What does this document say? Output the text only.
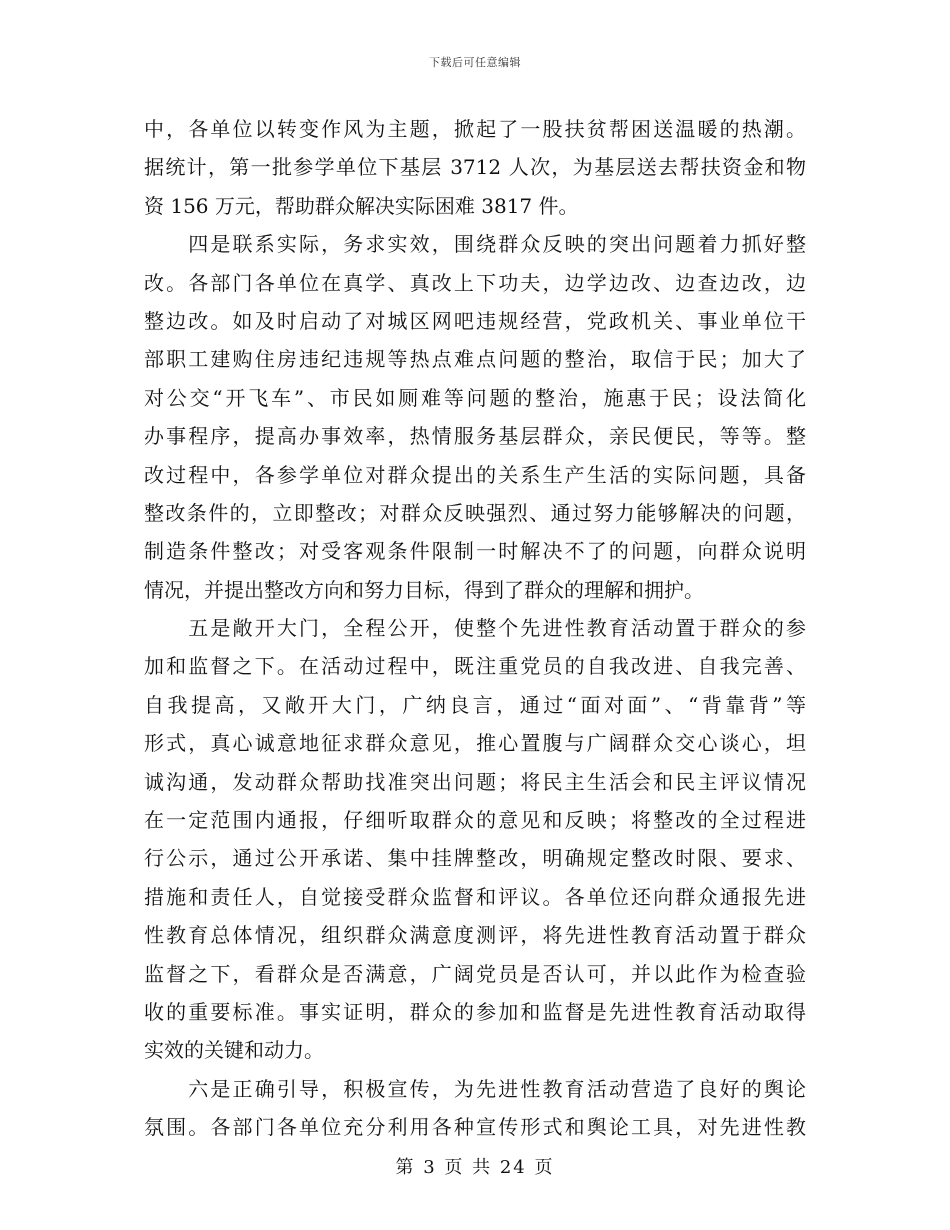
下载后可任意编辑
中，各单位以转变作风为主题，掀起了一股扶贫帮困送温暖的热潮。
据统计，第一批参学单位下基层 3712 人次，为基层送去帮扶资金和物
资 156 万元，帮助群众解决实际困难 3817 件。
　　四是联系实际，务求实效，围绕群众反映的突出问题着力抓好整
改。各部门各单位在真学、真改上下功夫，边学边改、边查边改，边
整边改。如及时启动了对城区网吧违规经营，党政机关、事业单位干
部职工建购住房违纪违规等热点难点问题的整治，取信于民；加大了
对公交“开飞车”、市民如厕难等问题的整治，施惠于民；设法简化
办事程序，提高办事效率，热情服务基层群众，亲民便民，等等。整
改过程中，各参学单位对群众提出的关系生产生活的实际问题，具备
整改条件的，立即整改；对群众反映强烈、通过努力能够解决的问题，
制造条件整改；对受客观条件限制一时解决不了的问题，向群众说明
情况，并提出整改方向和努力目标，得到了群众的理解和拥护。
　　五是敞开大门，全程公开，使整个先进性教育活动置于群众的参
加和监督之下。在活动过程中，既注重党员的自我改进、自我完善、
自我提高，又敞开大门，广纳良言，通过“面对面”、“背靠背”等
形式，真心诚意地征求群众意见，推心置腹与广阔群众交心谈心，坦
诚沟通，发动群众帮助找准突出问题；将民主生活会和民主评议情况
在一定范围内通报，仔细听取群众的意见和反映；将整改的全过程进
行公示，通过公开承诺、集中挂牌整改，明确规定整改时限、要求、
措施和责任人，自觉接受群众监督和评议。各单位还向群众通报先进
性教育总体情况，组织群众满意度测评，将先进性教育活动置于群众
监督之下，看群众是否满意，广阔党员是否认可，并以此作为检查验
收的重要标准。事实证明，群众的参加和监督是先进性教育活动取得
实效的关键和动力。
　　六是正确引导，积极宣传，为先进性教育活动营造了良好的舆论
氛围。各部门各单位充分利用各种宣传形式和舆论工具，对先进性教
第 3 页 共 24 页
